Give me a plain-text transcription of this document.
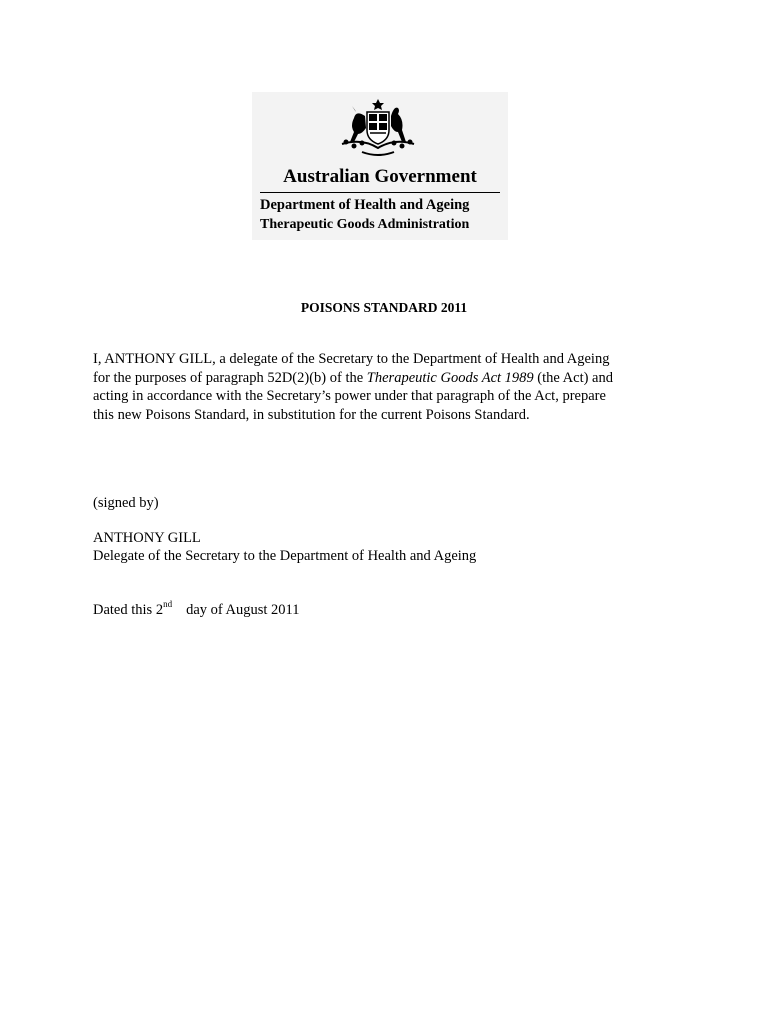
Australian Government
Department of Health and Ageing
Therapeutic Goods Administration
POISONS STANDARD 2011
I, ANTHONY GILL, a delegate of the Secretary to the Department of Health and Ageing
for the purposes of paragraph 52D(2)(b) of the Therapeutic Goods Act 1989 (the Act) and
acting in accordance with the Secretary’s power under that paragraph of the Act, prepare
this new Poisons Standard, in substitution for the current Poisons Standard.
(signed by)
ANTHONY GILL
Delegate of the Secretary to the Department of Health and Ageing
Dated this 2nd day of August 2011
